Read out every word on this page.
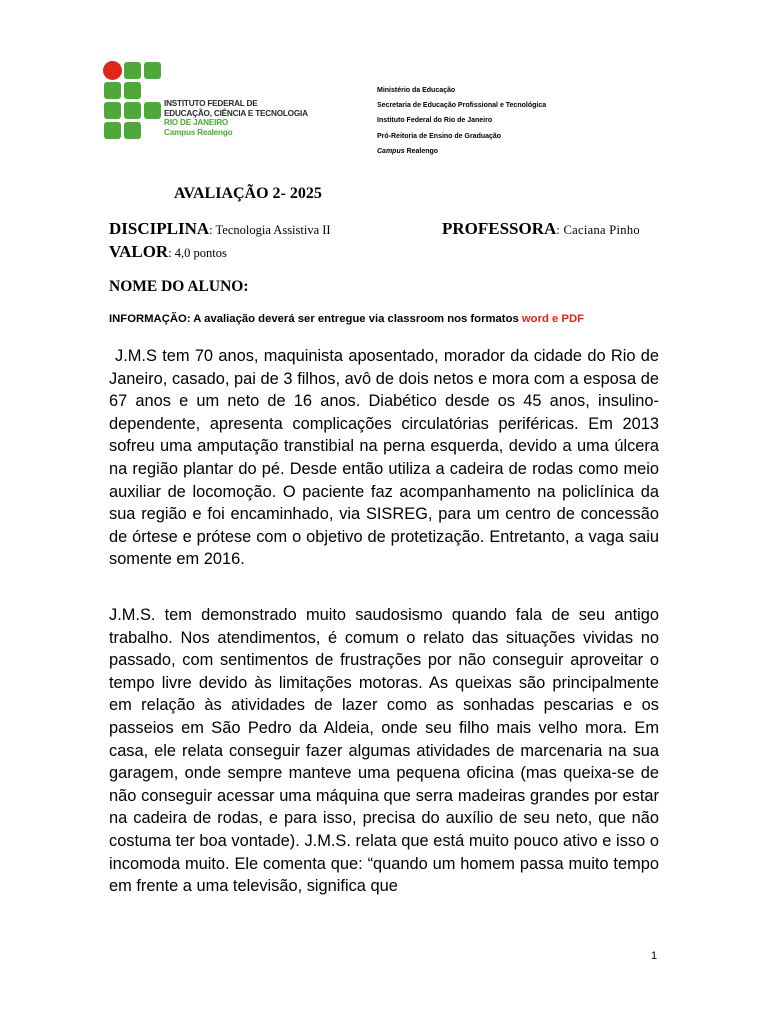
INSTITUTO FEDERAL DE
EDUCAÇÃO, CIÊNCIA E TECNOLOGIA
RIO DE JANEIRO
Campus Realengo
Ministério da Educação
Secretaria de Educação Profissional e Tecnológica
Instituto Federal do Rio de Janeiro
Pró-Reitoria de Ensino de Graduação
Campus Realengo
AVALIAÇÃO 2- 2025
DISCIPLINA: Tecnologia Assistiva II	PROFESSORA: Caciana Pinho
VALOR: 4,0 pontos
NOME DO ALUNO:
INFORMAÇÃO: A avaliação deverá ser entregue via classroom nos formatos word e PDF
J.M.S tem 70 anos, maquinista aposentado, morador da cidade do Rio de Janeiro, casado, pai de 3 filhos, avô de dois netos e mora com a esposa de 67 anos e um neto de 16 anos. Diabético desde os 45 anos, insulino-dependente, apresenta complicações circulatórias periféricas. Em 2013 sofreu uma amputação transtibial na perna esquerda, devido a uma úlcera na região plantar do pé. Desde então utiliza a cadeira de rodas como meio auxiliar de locomoção. O paciente faz acompanhamento na policlínica da sua região e foi encaminhado, via SISREG, para um centro de concessão de órtese e prótese com o objetivo de protetização. Entretanto, a vaga saiu somente em 2016.
J.M.S. tem demonstrado muito saudosismo quando fala de seu antigo trabalho. Nos atendimentos, é comum o relato das situações vividas no passado, com sentimentos de frustrações por não conseguir aproveitar o tempo livre devido às limitações motoras. As queixas são principalmente em relação às atividades de lazer como as sonhadas pescarias e os passeios em São Pedro da Aldeia, onde seu filho mais velho mora. Em casa, ele relata conseguir fazer algumas atividades de marcenaria na sua garagem, onde sempre manteve uma pequena oficina (mas queixa-se de não conseguir acessar uma máquina que serra madeiras grandes por estar na cadeira de rodas, e para isso, precisa do auxílio de seu neto, que não costuma ter boa vontade). J.M.S. relata que está muito pouco ativo e isso o incomoda muito. Ele comenta que: “quando um homem passa muito tempo em frente a uma televisão, significa que
1
